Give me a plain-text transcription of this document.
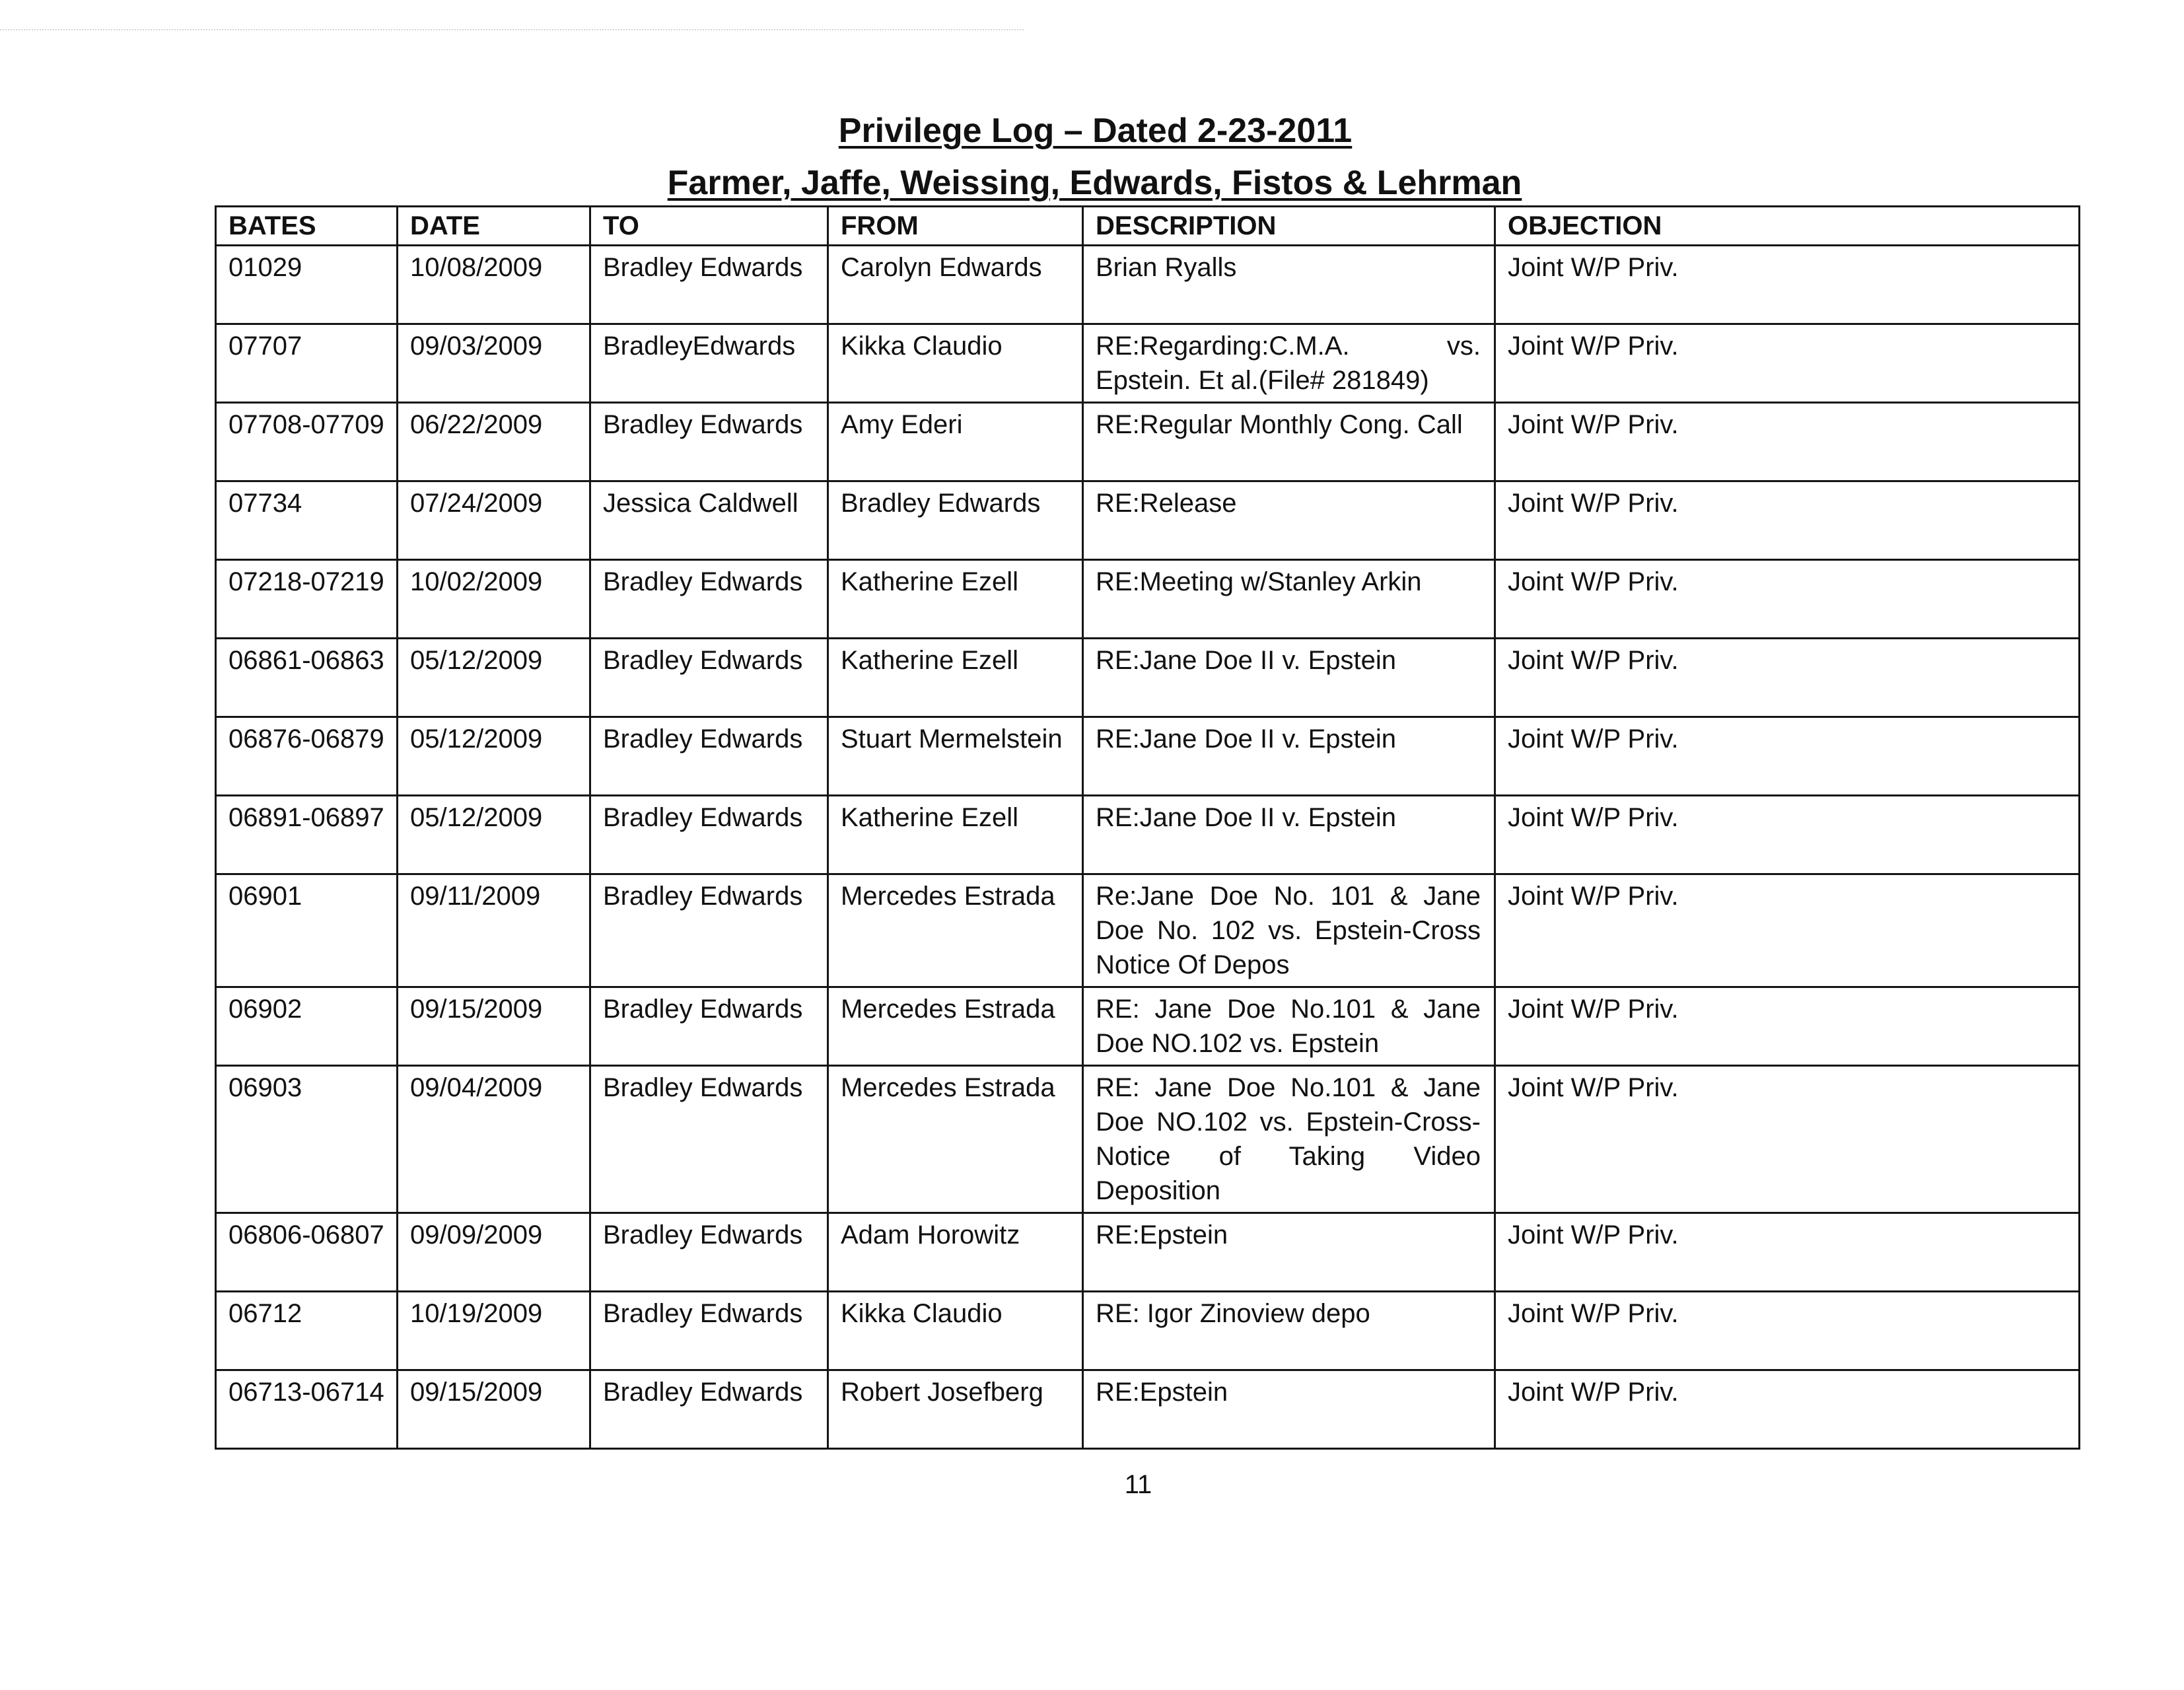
Privilege Log – Dated 2-23-2011
Farmer, Jaffe, Weissing, Edwards, Fistos & Lehrman
BATES	DATE	TO	FROM	DESCRIPTION	OBJECTION
01029	10/08/2009	Bradley Edwards	Carolyn Edwards	Brian Ryalls	Joint W/P Priv.
07707	09/03/2009	BradleyEdwards	Kikka Claudio	RE:Regarding:C.M.A. vs. Epstein. Et al.(File# 281849)	Joint W/P Priv.
07708-07709	06/22/2009	Bradley Edwards	Amy Ederi	RE:Regular Monthly Cong. Call	Joint W/P Priv.
07734	07/24/2009	Jessica Caldwell	Bradley Edwards	RE:Release	Joint W/P Priv.
07218-07219	10/02/2009	Bradley Edwards	Katherine Ezell	RE:Meeting w/Stanley Arkin	Joint W/P Priv.
06861-06863	05/12/2009	Bradley Edwards	Katherine Ezell	RE:Jane Doe II v. Epstein	Joint W/P Priv.
06876-06879	05/12/2009	Bradley Edwards	Stuart Mermelstein	RE:Jane Doe II v. Epstein	Joint W/P Priv.
06891-06897	05/12/2009	Bradley Edwards	Katherine Ezell	RE:Jane Doe II v. Epstein	Joint W/P Priv.
06901	09/11/2009	Bradley Edwards	Mercedes Estrada	Re:Jane Doe No. 101 & Jane Doe No. 102 vs. Epstein-Cross Notice Of Depos	Joint W/P Priv.
06902	09/15/2009	Bradley Edwards	Mercedes Estrada	RE: Jane Doe No.101 & Jane Doe NO.102 vs. Epstein	Joint W/P Priv.
06903	09/04/2009	Bradley Edwards	Mercedes Estrada	RE: Jane Doe No.101 & Jane Doe NO.102 vs. Epstein-Cross-Notice of Taking Video Deposition	Joint W/P Priv.
06806-06807	09/09/2009	Bradley Edwards	Adam Horowitz	RE:Epstein	Joint W/P Priv.
06712	10/19/2009	Bradley Edwards	Kikka Claudio	RE: Igor Zinoview depo	Joint W/P Priv.
06713-06714	09/15/2009	Bradley Edwards	Robert Josefberg	RE:Epstein	Joint W/P Priv.
11
